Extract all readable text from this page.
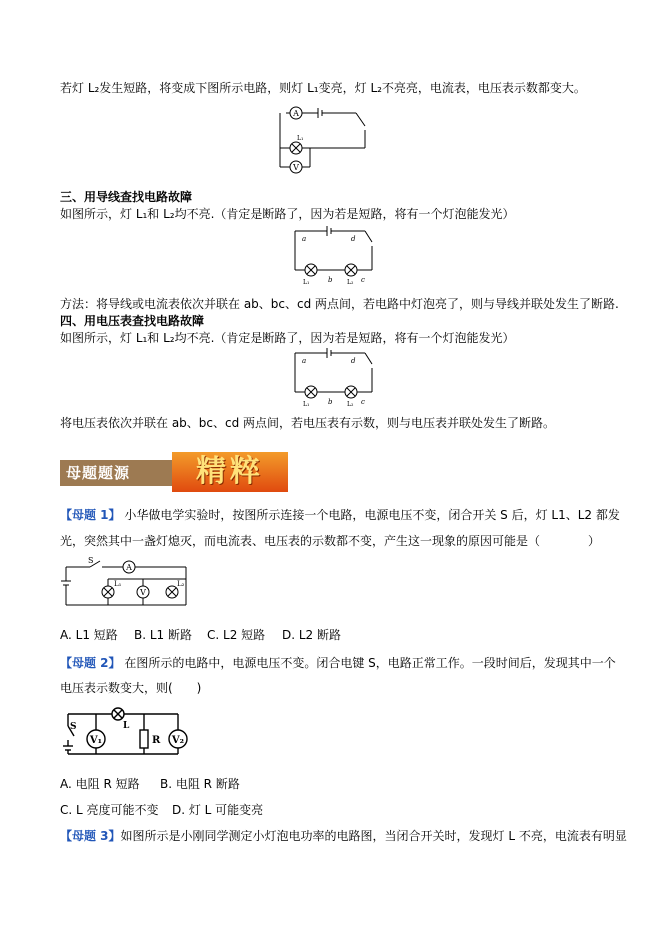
若灯 L₂发生短路，将变成下图所示电路，则灯 L₁变亮，灯 L₂不亮亮，电流表，电压表示数都变大。
A
L₁
V
三、用导线查找电路故障
如图所示，灯 L₁和 L₂均不亮.（肯定是断路了，因为若是短路，将有一个灯泡能发光）
a	d
b	c
L₁	L₂
方法：将导线或电流表依次并联在 ab、bc、cd 两点间，若电路中灯泡亮了，则与导线并联处发生了断路.
四、用电压表查找电路故障
如图所示，灯 L₁和 L₂均不亮.（肯定是断路了，因为若是短路，将有一个灯泡能发光）
a	d
b	c
L₁	L₂
将电压表依次并联在 ab、bc、cd 两点间，若电压表有示数，则与电压表并联处发生了断路。
母题题源	精粹
【母题 1】 小华做电学实验时，按图所示连接一个电路，电源电压不变，闭合开关 S 后，灯 L1、L2 都发
光，突然其中一盏灯熄灭，而电流表、电压表的示数都不变，产生这一现象的原因可能是（　　　　）
A
S
L₁
V
L₂
A. L1 短路 B. L1 断路 C. L2 短路 D. L2 断路
【母题 2】 在图所示的电路中，电源电压不变。闭合电键 S，电路正常工作。一段时间后，发现其中一个
电压表示数变大，则(　　)
L
S
V₁	R V₂
A. 电阻 R 短路 B. 电阻 R 断路
C. L 亮度可能不变 D. 灯 L 可能变亮
【母题 3】如图所示是小刚同学测定小灯泡电功率的电路图，当闭合开关时，发现灯 L 不亮，电流表有明显
